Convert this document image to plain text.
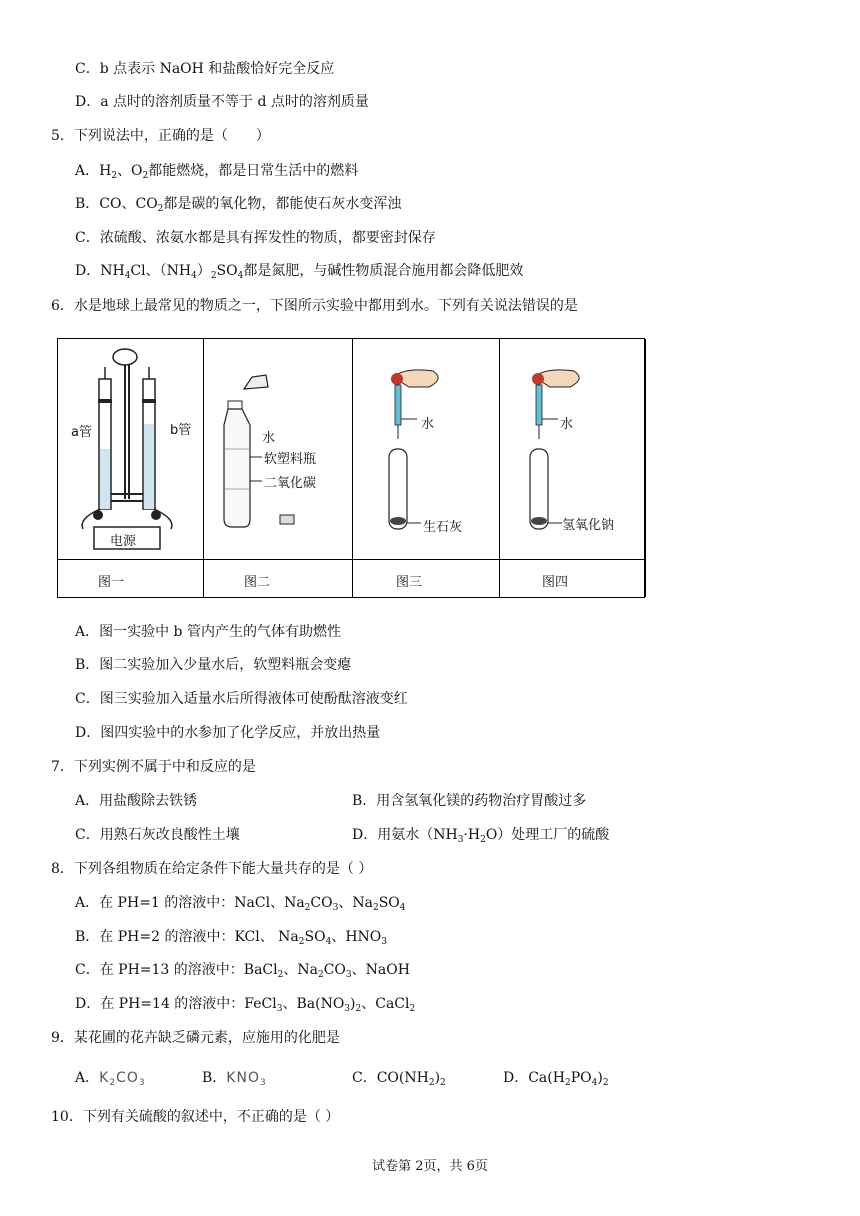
C．b 点表示 NaOH 和盐酸恰好完全反应
D．a 点时的溶剂质量不等于 d 点时的溶剂质量
5．下列说法中，正确的是（　　）
A．$H_2$、$O_2$都能燃烧，都是日常生活中的燃料
B．CO、$CO_2$都是碳的氧化物，都能使石灰水变浑浊
C．浓硫酸、浓氨水都是具有挥发性的物质，都要密封保存
D．$NH_4Cl$、$(NH_4)_2SO_4$都是氮肥，与碱性物质混合施用都会降低肥效
6．水是地球上最常见的物质之一，下图所示实验中都用到水。下列有关说法错误的是
a管	b管
电源
水
软塑料瓶
二氧化碳
水
生石灰
水
氢氧化钠
图一	图二	图三	图四
A．图一实验中 b 管内产生的气体有助燃性
B．图二实验加入少量水后，软塑料瓶会变瘪
C．图三实验加入适量水后所得液体可使酚酞溶液变红
D．图四实验中的水参加了化学反应，并放出热量
7．下列实例不属于中和反应的是
A．用盐酸除去铁锈	B．用含氢氧化镁的药物治疗胃酸过多
C．用熟石灰改良酸性土壤	D．用氨水$(NH_3\cdot H_2O)$处理工厂的硫酸
8．下列各组物质在给定条件下能大量共存的是（ ）
A．在 PH=1 的溶液中：NaCl、$Na_2CO_3$、$Na_2SO_4$
B．在 PH=2 的溶液中：KCl、 $Na_2SO_4$、$HNO_3$
C．在 PH=13 的溶液中：BaCl$_2$、$Na_2CO_3$、NaOH
D．在 PH=14 的溶液中：FeCl$_3$、$Ba(NO_3)_2$、CaCl$_2$
9．某花圃的花卉缺乏磷元素，应施用的化肥是
A．$K_2CO_3$	B．$KNO_3$	C．$CO(NH_2)_2$	D．$Ca(H_2PO_4)_2$
10．下列有关硫酸的叙述中，不正确的是（ ）
试卷第 2页，共 6页
